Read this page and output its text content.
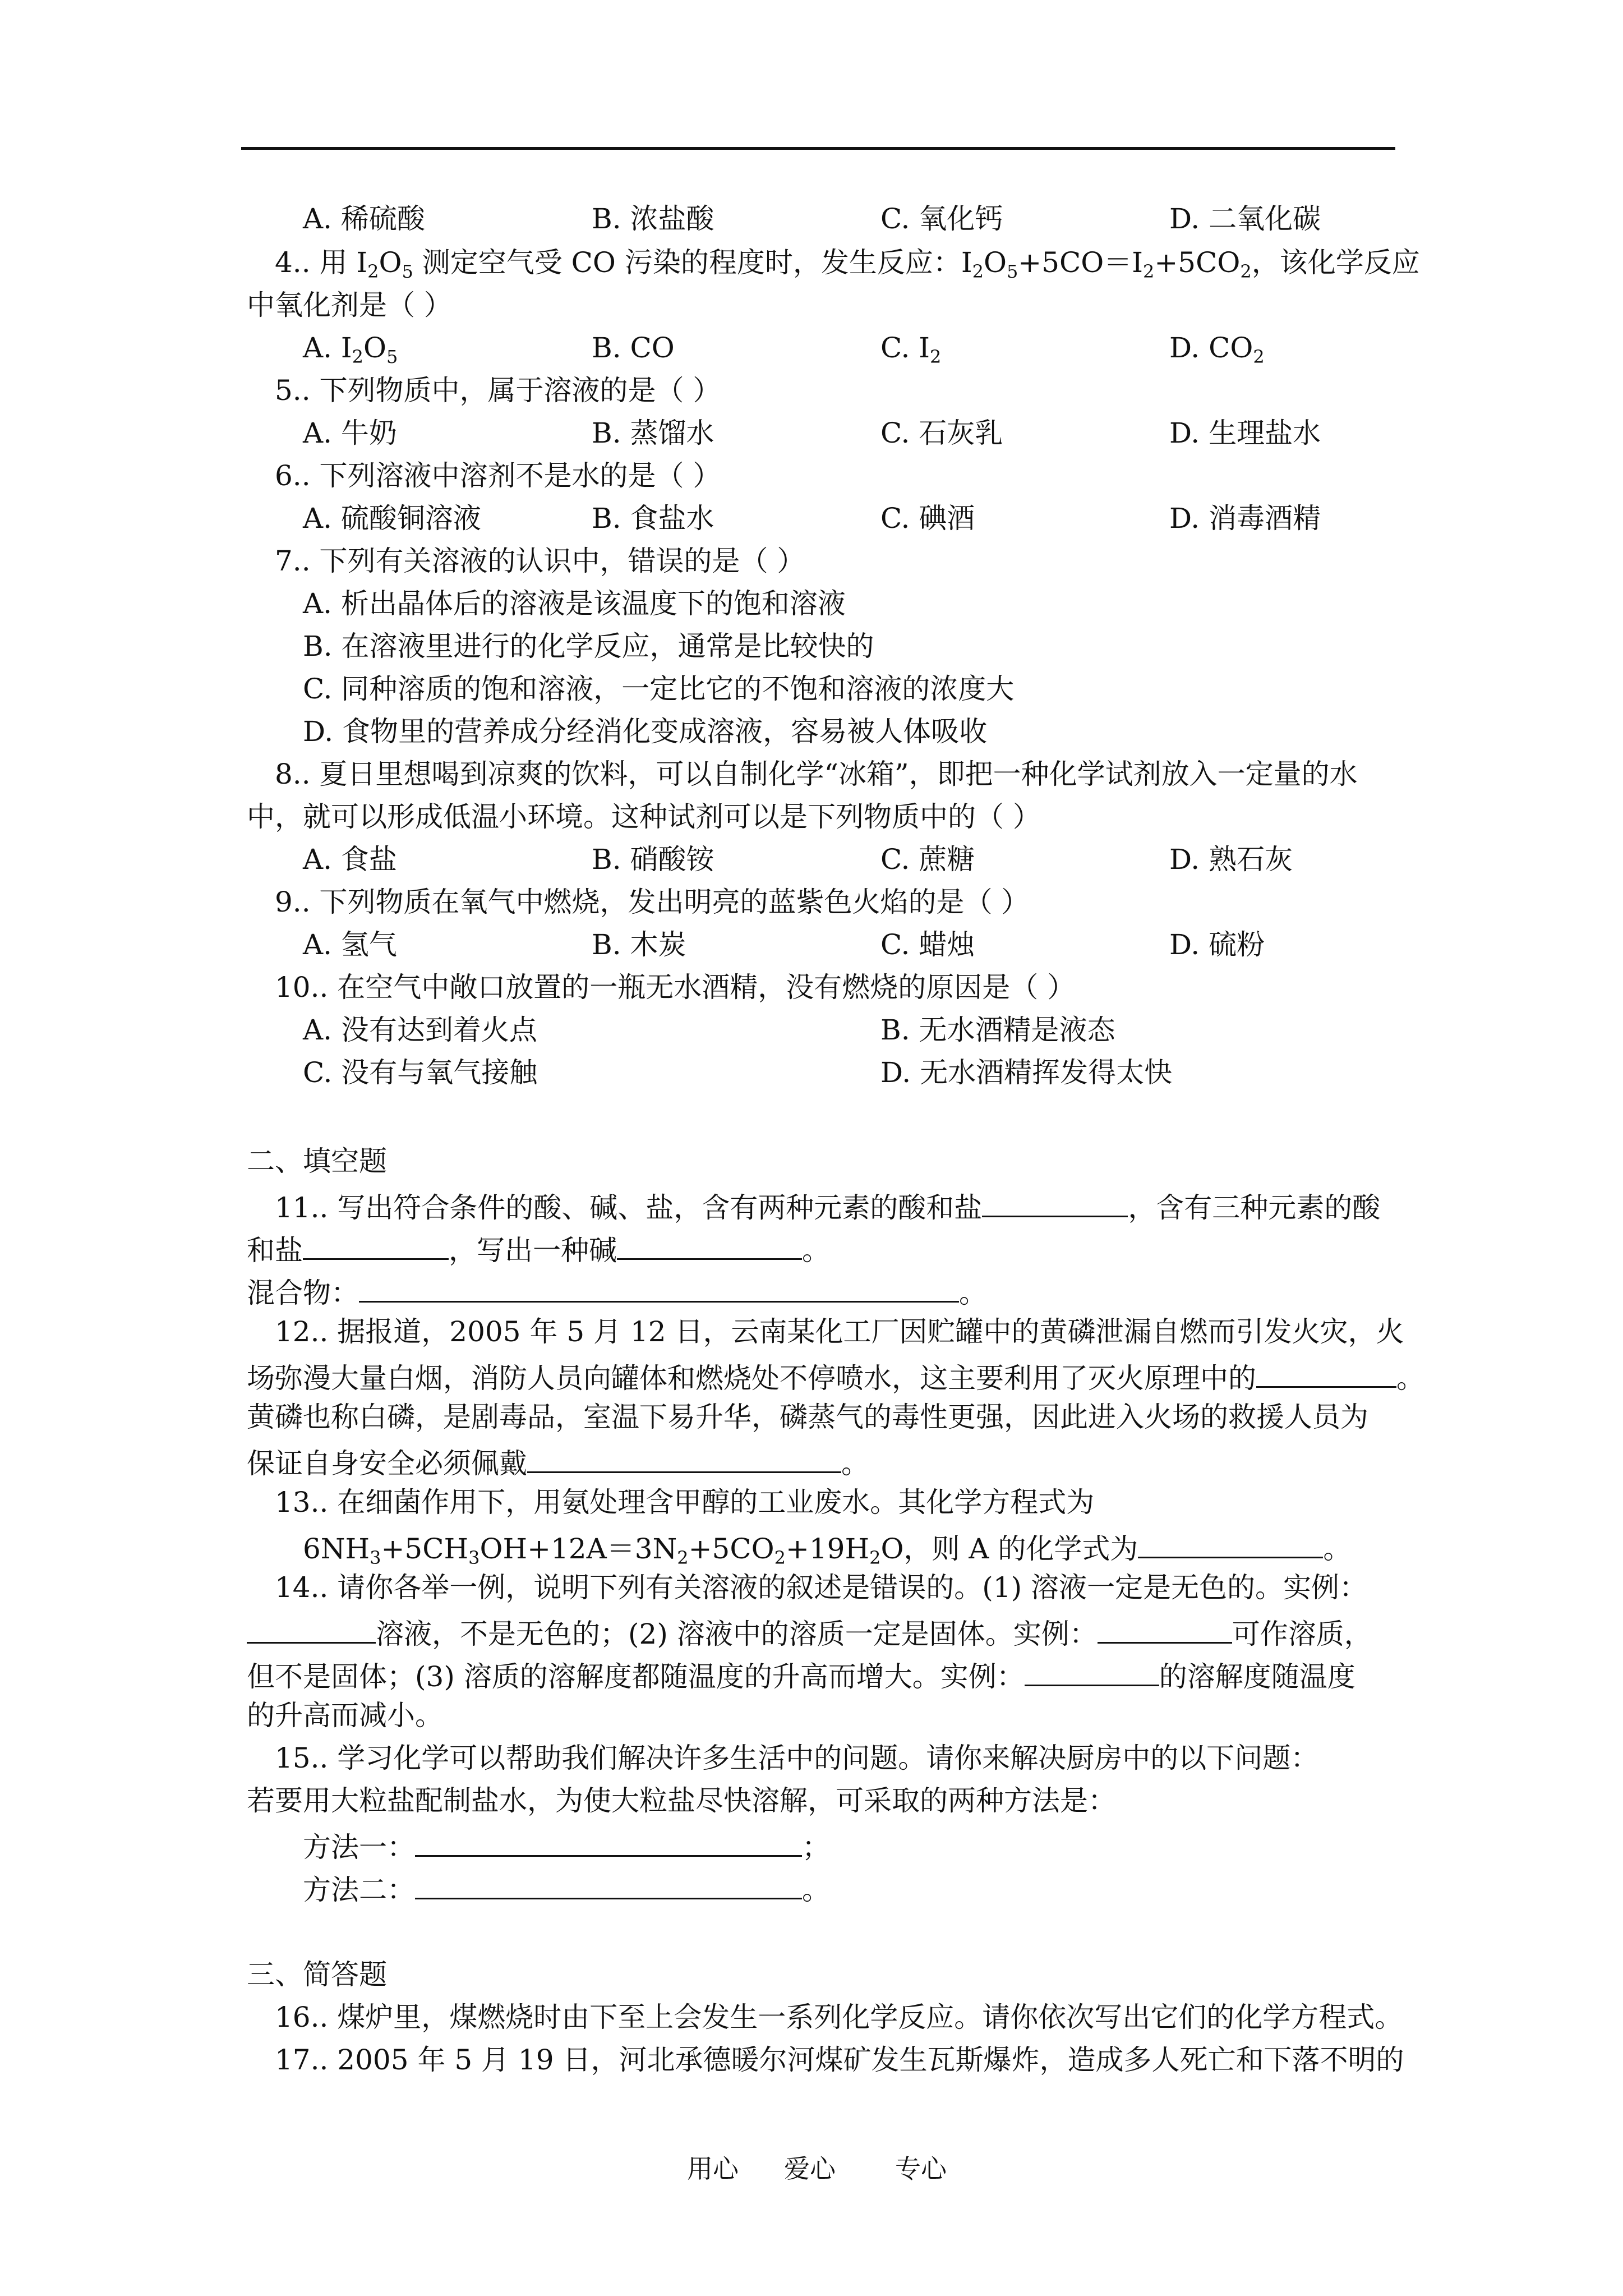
A. 稀硫酸	B. 浓盐酸	C. 氧化钙	D. 二氧化碳
4.. 用 $I_2O_5$ 测定空气受 CO 污染的程度时，发生反应：$I_2O_5+5CO=I_2+5CO_2$，该化学反应
中氧化剂是（ ）
A. $I_2O_5$	B. CO	C. $I_2$	D. $CO_2$
5.. 下列物质中，属于溶液的是（ ）
A. 牛奶	B. 蒸馏水	C. 石灰乳	D. 生理盐水
6.. 下列溶液中溶剂不是水的是（ ）
A. 硫酸铜溶液	B. 食盐水	C. 碘酒	D. 消毒酒精
7.. 下列有关溶液的认识中，错误的是（ ）
A. 析出晶体后的溶液是该温度下的饱和溶液
B. 在溶液里进行的化学反应，通常是比较快的
C. 同种溶质的饱和溶液，一定比它的不饱和溶液的浓度大
D. 食物里的营养成分经消化变成溶液，容易被人体吸收
8.. 夏日里想喝到凉爽的饮料，可以自制化学“冰箱”，即把一种化学试剂放入一定量的水
中，就可以形成低温小环境。这种试剂可以是下列物质中的（ ）
A. 食盐	B. 硝酸铵	C. 蔗糖	D. 熟石灰
9.. 下列物质在氧气中燃烧，发出明亮的蓝紫色火焰的是（ ）
A. 氢气	B. 木炭	C. 蜡烛	D. 硫粉
10.. 在空气中敞口放置的一瓶无水酒精，没有燃烧的原因是（ ）
A. 没有达到着火点	B. 无水酒精是液态
C. 没有与氧气接触	D. 无水酒精挥发得太快
二、填空题
11.. 写出符合条件的酸、碱、盐，含有两种元素的酸和盐	，含有三种元素的酸
和盐	，写出一种碱	。
混合物：	。
12.. 据报道，2005 年 5 月 12 日，云南某化工厂因贮罐中的黄磷泄漏自燃而引发火灾，火
场弥漫大量白烟，消防人员向罐体和燃烧处不停喷水，这主要利用了灭火原理中的	。
黄磷也称白磷，是剧毒品，室温下易升华，磷蒸气的毒性更强，因此进入火场的救援人员为
保证自身安全必须佩戴	。
13.. 在细菌作用下，用氨处理含甲醇的工业废水。其化学方程式为
$6NH_3+5CH_3OH+12A=3N_2+5CO_2+19H_2O$，则 A 的化学式为	。
14.. 请你各举一例，说明下列有关溶液的叙述是错误的。(1) 溶液一定是无色的。实例：
溶液，不是无色的；(2) 溶液中的溶质一定是固体。实例：	可作溶质，
但不是固体；(3) 溶质的溶解度都随温度的升高而增大。实例：	的溶解度随温度
的升高而减小。
15.. 学习化学可以帮助我们解决许多生活中的问题。请你来解决厨房中的以下问题：
若要用大粒盐配制盐水，为使大粒盐尽快溶解，可采取的两种方法是：
方法一：	；
方法二：	。
三、简答题
16.. 煤炉里，煤燃烧时由下至上会发生一系列化学反应。请你依次写出它们的化学方程式。
17.. 2005 年 5 月 19 日，河北承德暖尔河煤矿发生瓦斯爆炸，造成多人死亡和下落不明的
用心 爱心 专心
